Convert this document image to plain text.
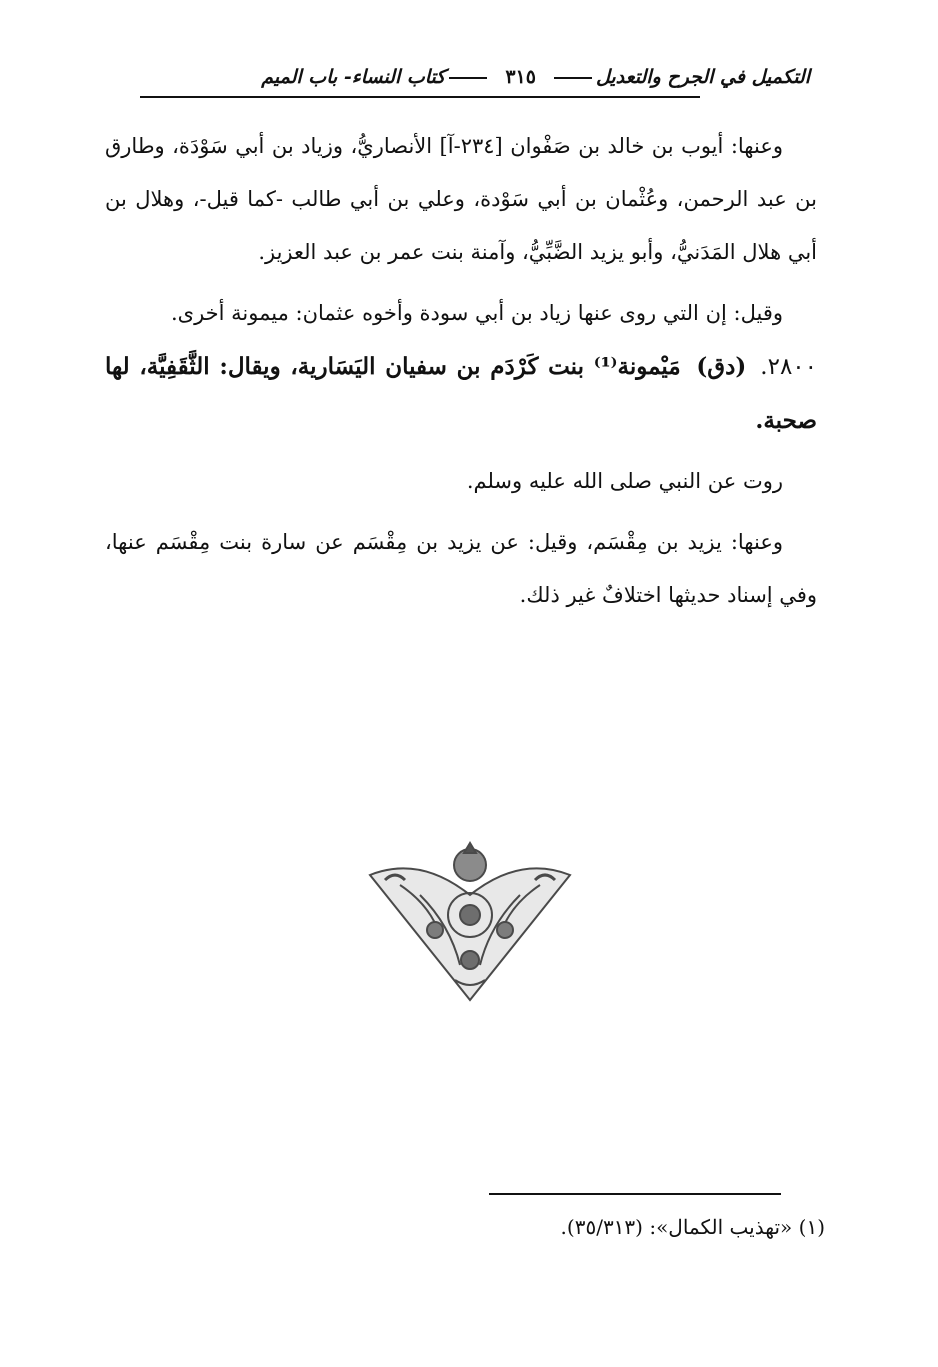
التكميل في الجرح والتعديل٣١٥كتاب النساء- باب الميم

وعنها: أيوب بن خالد بن صَفْوان [٢٣٤-آ] الأنصاريُّ، وزياد بن أبي سَوْدَة، وطارق بن عبد الرحمن، وعُثْمان بن أبي سَوْدة، وعلي بن أبي طالب -كما قيل-، وهلال بن أبي هلال المَدَنيُّ، وأبو يزيد الضَّبِّيُّ، وآمنة بنت عمر بن عبد العزيز.

وقيل: إن التي روى عنها زياد بن أبي سودة وأخوه عثمان: ميمونة أخرى.

٢٨٠٠.(دق) مَيْمونة⁽¹⁾ بنت كَرْدَم بن سفيان اليَسَارية، ويقال: الثَّقَفِيَّة، لها صحبة.

روت عن النبي صلى الله عليه وسلم.

وعنها: يزيد بن مِقْسَم، وقيل: عن يزيد بن مِقْسَم عن سارة بنت مِقْسَم عنها، وفي إسناد حديثها اختلافٌ غير ذلك.

(١) «تهذيب الكمال»: (٣٥/٣١٣).
